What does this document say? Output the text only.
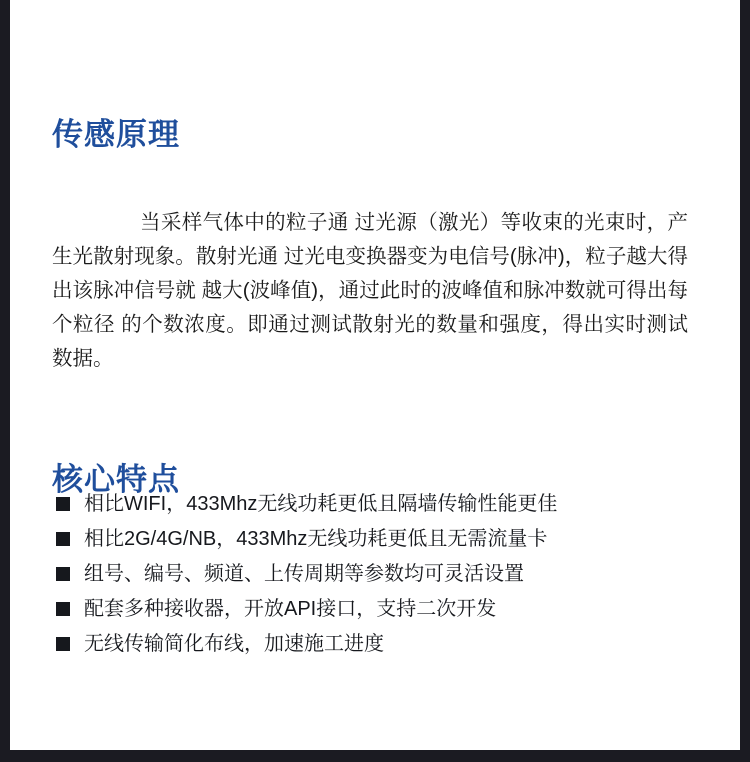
传感原理

当采样气体中的粒子通 过光源（激光）等收束的光束时，产生光散射现象。散射光通 过光电变换器变为电信号(脉冲)，粒子越大得出该脉冲信号就 越大(波峰值)，通过此时的波峰值和脉冲数就可得出每个粒径 的个数浓度。即通过测试散射光的数量和强度，得出实时测试数据。

核心特点
相比WIFI，433Mhz无线功耗更低且隔墙传输性能更佳
相比2G/4G/NB，433Mhz无线功耗更低且无需流量卡
组号、编号、频道、上传周期等参数均可灵活设置
配套多种接收器，开放API接口，支持二次开发
无线传输简化布线，加速施工进度
